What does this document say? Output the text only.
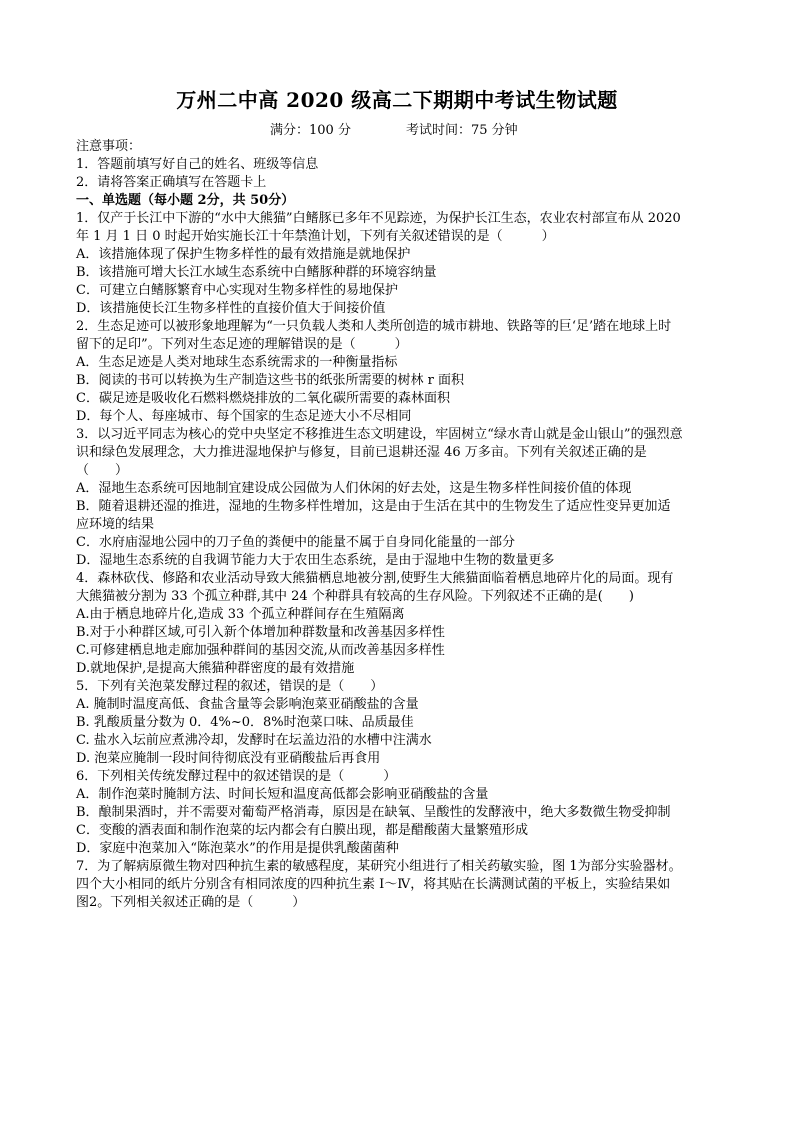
万州二中高 2020 级高二下期期中考试生物试题
满分：100 分	考试时间：75 分钟

注意事项：

1．答题前填写好自己的姓名、班级等信息

2．请将答案正确填写在答题卡上

一、单选题（每小题 2分，共 50分）

1．仅产于长江中下游的“水中大熊猫”白鳍豚已多年不见踪迹，为保护长江生态，农业农村部宣布从 2020

年 1 月 1 日 0 时起开始实施长江十年禁渔计划，下列有关叙述错误的是（　　　）

A．该措施体现了保护生物多样性的最有效措施是就地保护

B．该措施可增大长江水域生态系统中白鳍豚种群的环境容纳量

C．可建立白鳍豚繁育中心实现对生物多样性的易地保护

D．该措施使长江生物多样性的直接价值大于间接价值

2．生态足迹可以被形象地理解为“一只负载人类和人类所创造的城市耕地、铁路等的巨‘足’踏在地球上时

留下的足印”。下列对生态足迹的理解错误的是（　　　）

A．生态足迹是人类对地球生态系统需求的一种衡量指标

B．阅读的书可以转换为生产制造这些书的纸张所需要的树林 r 面积

C．碳足迹是吸收化石燃料燃烧排放的二氧化碳所需要的森林面积

D．每个人、每座城市、每个国家的生态足迹大小不尽相同

3．以习近平同志为核心的党中央坚定不移推进生态文明建设，牢固树立“绿水青山就是金山银山”的强烈意

识和绿色发展理念，大力推进湿地保护与修复，目前已退耕还湿 46 万多亩。下列有关叙述正确的是

（　　）

A．湿地生态系统可因地制宜建设成公园做为人们休闲的好去处，这是生物多样性间接价值的体现

B．随着退耕还湿的推进，湿地的生物多样性增加，这是由于生活在其中的生物发生了适应性变异更加适

应环境的结果

C．水府庙湿地公园中的刀子鱼的粪便中的能量不属于自身同化能量的一部分

D．湿地生态系统的自我调节能力大于农田生态系统，是由于湿地中生物的数量更多

4．森林砍伐、修路和农业活动导致大熊猫栖息地被分割,使野生大熊猫面临着栖息地碎片化的局面。现有

大熊猫被分割为 33 个孤立种群,其中 24 个种群具有较高的生存风险。下列叙述不正确的是(　　)

A.由于栖息地碎片化,造成 33 个孤立种群间存在生殖隔离

B.对于小种群区域,可引入新个体增加种群数量和改善基因多样性

C.可修建栖息地走廊加强种群间的基因交流,从而改善基因多样性

D.就地保护,是提高大熊猫种群密度的最有效措施

5．下列有关泡菜发酵过程的叙述，错误的是（　　）

A. 腌制时温度高低、食盐含量等会影响泡菜亚硝酸盐的含量

B. 乳酸质量分数为 0．4%~0．8%时泡菜口味、品质最佳

C. 盐水入坛前应煮沸冷却，发酵时在坛盖边沿的水槽中注满水

D. 泡菜应腌制一段时间待彻底没有亚硝酸盐后再食用

6．下列相关传统发酵过程中的叙述错误的是（　　　）

A．制作泡菜时腌制方法、时间长短和温度高低都会影响亚硝酸盐的含量

B．酿制果酒时，并不需要对葡萄严格消毒，原因是在缺氧、呈酸性的发酵液中，绝大多数微生物受抑制

C．变酸的酒表面和制作泡菜的坛内都会有白膜出现，都是醋酸菌大量繁殖形成

D．家庭中泡菜加入“陈泡菜水”的作用是提供乳酸菌菌种

7．为了解病原微生物对四种抗生素的敏感程度，某研究小组进行了相关药敏实验，图 1为部分实验器材。

四个大小相同的纸片分别含有相同浓度的四种抗生素 I～Ⅳ，将其贴在长满测试菌的平板上，实验结果如

图2。下列相关叙述正确的是（　　　）
